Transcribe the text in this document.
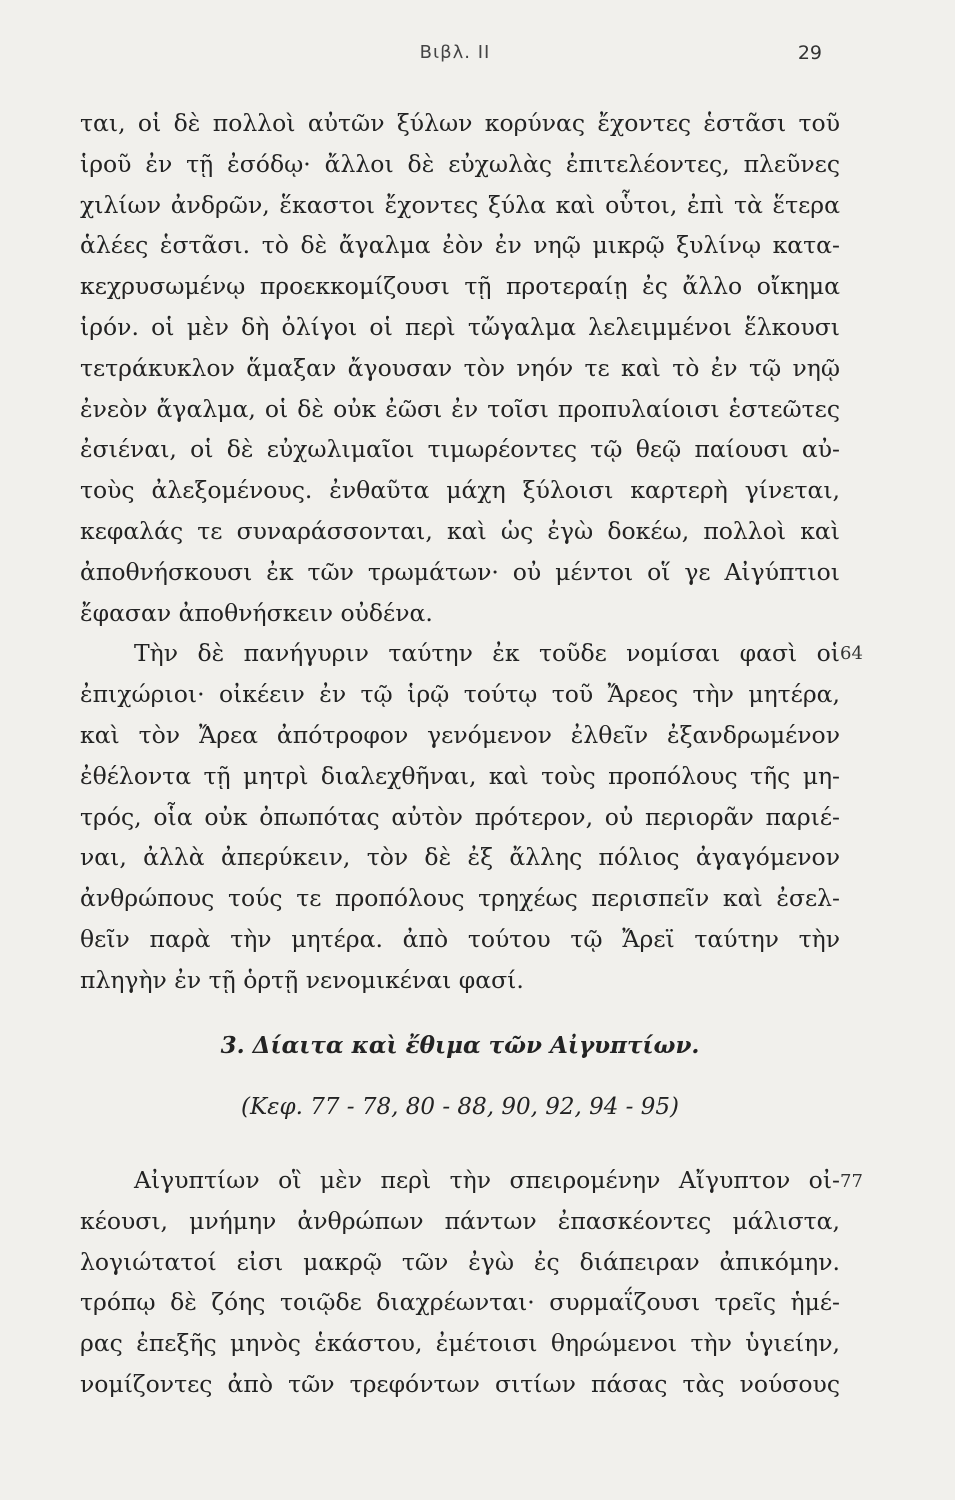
Βιβλ. ΙΙ	29
ται, οἱ δὲ πολλοὶ αὐτῶν ξύλων κορύνας ἔχοντες ἑστᾶσι τοῦ
ἱροῦ ἐν τῇ ἐσόδῳ· ἄλλοι δὲ εὐχωλὰς ἐπιτελέοντες, πλεῦνες
χιλίων ἀνδρῶν, ἕκαστοι ἔχοντες ξύλα καὶ οὗτοι, ἐπὶ τὰ ἕτερα
ἁλέες ἑστᾶσι. τὸ δὲ ἄγαλμα ἐὸν ἐν νηῷ μικρῷ ξυλίνῳ κατα-
κεχρυσωμένῳ προεκκομίζουσι τῇ προτεραίῃ ἐς ἄλλο οἴκημα
ἱρόν. οἱ μὲν δὴ ὀλίγοι οἱ περὶ τὤγαλμα λελειμμένοι ἕλκουσι
τετράκυκλον ἅμαξαν ἄγουσαν τὸν νηόν τε καὶ τὸ ἐν τῷ νηῷ
ἐνεὸν ἄγαλμα, οἱ δὲ οὐκ ἐῶσι ἐν τοῖσι προπυλαίοισι ἑστεῶτες
ἐσιέναι, οἱ δὲ εὐχωλιμαῖοι τιμωρέοντες τῷ θεῷ παίουσι αὐ-
τοὺς ἀλεξομένους. ἐνθαῦτα μάχη ξύλοισι καρτερὴ γίνεται,
κεφαλάς τε συναράσσονται, καὶ ὡς ἐγὼ δοκέω, πολλοὶ καὶ
ἀποθνήσκουσι ἐκ τῶν τρωμάτων· οὐ μέντοι οἵ γε Αἰγύπτιοι
ἔφασαν ἀποθνήσκειν οὐδένα.
Τὴν δὲ πανήγυριν ταύτην ἐκ τοῦδε νομίσαι φασὶ οἱ
ἐπιχώριοι· οἰκέειν ἐν τῷ ἱρῷ τούτῳ τοῦ Ἄρεος τὴν μητέρα,
καὶ τὸν Ἄρεα ἀπότροφον γενόμενον ἐλθεῖν ἐξανδρωμένον
ἐθέλοντα τῇ μητρὶ διαλεχθῆναι, καὶ τοὺς προπόλους τῆς μη-
τρός, οἷα οὐκ ὀπωπότας αὐτὸν πρότερον, οὐ περιορᾶν παριέ-
ναι, ἀλλὰ ἀπερύκειν, τὸν δὲ ἐξ ἄλλης πόλιος ἀγαγόμενον
ἀνθρώπους τούς τε προπόλους τρηχέως περισπεῖν καὶ ἐσελ-
θεῖν παρὰ τὴν μητέρα. ἀπὸ τούτου τῷ Ἄρεϊ ταύτην τὴν
πληγὴν ἐν τῇ ὁρτῇ νενομικέναι φασί.
64
3. Δίαιτα καὶ ἔθιμα τῶν Αἰγυπτίων.
(Κεφ. 77 - 78, 80 - 88, 90, 92, 94 - 95)
Αἰγυπτίων οἳ μὲν περὶ τὴν σπειρομένην Αἴγυπτον οἰ-
κέουσι, μνήμην ἀνθρώπων πάντων ἐπασκέοντες μάλιστα,
λογιώτατοί εἰσι μακρῷ τῶν ἐγὼ ἐς διάπειραν ἀπικόμην.
τρόπῳ δὲ ζόης τοιῷδε διαχρέωνται· συρμαΐζουσι τρεῖς ἡμέ-
ρας ἐπεξῆς μηνὸς ἑκάστου, ἐμέτοισι θηρώμενοι τὴν ὑγιείην,
νομίζοντες ἀπὸ τῶν τρεφόντων σιτίων πάσας τὰς νούσους
77
